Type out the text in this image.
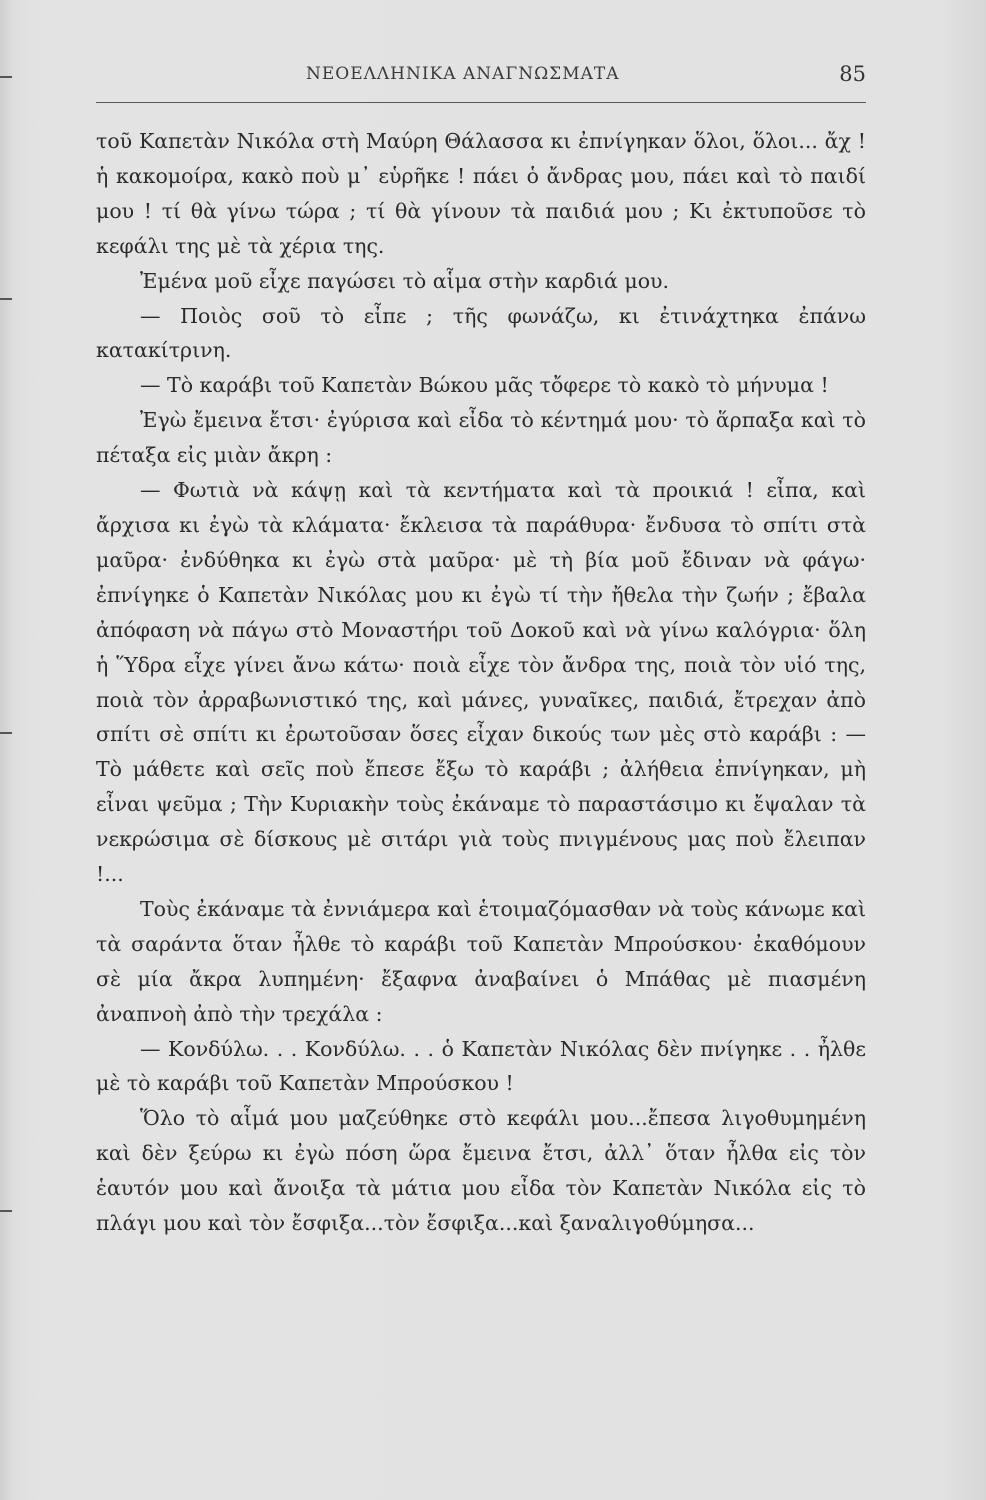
ΝΕΟΕΛΛΗΝΙΚΑ ΑΝΑΓΝΩΣΜΑΤΑ	85

τοῦ Καπετὰν Νικόλα στὴ Μαύρη Θάλασσα κι ἐπνίγηκαν ὅλοι, ὅλοι... ἄχ ! ἡ κακομοίρα, κακὸ ποὺ μ᾽ εὑρῆκε ! πάει ὁ ἄνδρας μου, πάει καὶ τὸ παιδί μου ! τί θὰ γίνω τώρα ; τί θὰ γίνουν τὰ παιδιά μου ; Κι ἐκτυποῦσε τὸ κεφάλι της μὲ τὰ χέρια της.

Ἐμένα μοῦ εἶχε παγώσει τὸ αἷμα στὴν καρδιά μου.

— Ποιὸς σοῦ τὸ εἶπε ; τῆς φωνάζω, κι ἐτινάχτηκα ἐπάνω κατακίτρινη.

— Τὸ καράβι τοῦ Καπετὰν Βώκου μᾶς τὄφερε τὸ κακὸ τὸ μήνυμα !

Ἐγὼ ἔμεινα ἔτσι· ἐγύρισα καὶ εἶδα τὸ κέντημά μου· τὸ ἅρπαξα καὶ τὸ πέταξα εἰς μιὰν ἄκρη :

— Φωτιὰ νὰ κάψῃ καὶ τὰ κεντήματα καὶ τὰ προικιά ! εἶπα, καὶ ἄρχισα κι ἐγὼ τὰ κλάματα· ἔκλεισα τὰ παράθυρα· ἔνδυσα τὸ σπίτι στὰ μαῦρα· ἐνδύθηκα κι ἐγὼ στὰ μαῦρα· μὲ τὴ βία μοῦ ἔδιναν νὰ φάγω· ἐπνίγηκε ὁ Καπετὰν Νικόλας μου κι ἐγὼ τί τὴν ἤθελα τὴν ζωήν ; ἔβαλα ἀπόφαση νὰ πάγω στὸ Μοναστήρι τοῦ Δοκοῦ καὶ νὰ γίνω καλόγρια· ὅλη ἡ Ὕδρα εἶχε γίνει ἄνω κάτω· ποιὰ εἶχε τὸν ἄνδρα της, ποιὰ τὸν υἱό της, ποιὰ τὸν ἀρραβωνιστικό της, καὶ μάνες, γυναῖκες, παιδιά, ἔτρεχαν ἀπὸ σπίτι σὲ σπίτι κι ἐρωτοῦσαν ὅσες εἶχαν δικούς των μὲς στὸ καράβι : — Τὸ μάθετε καὶ σεῖς ποὺ ἔπεσε ἔξω τὸ καράβι ; ἀλήθεια ἐπνίγηκαν, μὴ εἶναι ψεῦμα ; Τὴν Κυριακὴν τοὺς ἐκάναμε τὸ παραστάσιμο κι ἔψαλαν τὰ νεκρώσιμα σὲ δίσκους μὲ σιτάρι γιὰ τοὺς πνιγμένους μας ποὺ ἔλειπαν !...

Τοὺς ἐκάναμε τὰ ἐννιάμερα καὶ ἑτοιμαζόμασθαν νὰ τοὺς κάνωμε καὶ τὰ σαράντα ὅταν ἦλθε τὸ καράβι τοῦ Καπετὰν Μπρούσκου· ἐκαθόμουν σὲ μία ἄκρα λυπημένη· ἔξαφνα ἀναβαίνει ὁ Μπάθας μὲ πιασμένη ἀναπνοὴ ἀπὸ τὴν τρεχάλα :

— Κονδύλω. . . Κονδύλω. . . ὁ Καπετὰν Νικόλας δὲν πνίγηκε . . ἦλθε μὲ τὸ καράβι τοῦ Καπετὰν Μπρούσκου !

Ὅλο τὸ αἷμά μου μαζεύθηκε στὸ κεφάλι μου...ἔπεσα λιγοθυμημένη καὶ δὲν ξεύρω κι ἐγὼ πόση ὥρα ἔμεινα ἔτσι, ἀλλ᾽ ὅταν ἦλθα εἰς τὸν ἑαυτόν μου καὶ ἄνοιξα τὰ μάτια μου εἶδα τὸν Καπετὰν Νικόλα εἰς τὸ πλάγι μου καὶ τὸν ἔσφιξα...τὸν ἔσφιξα...καὶ ξαναλιγοθύμησα...
